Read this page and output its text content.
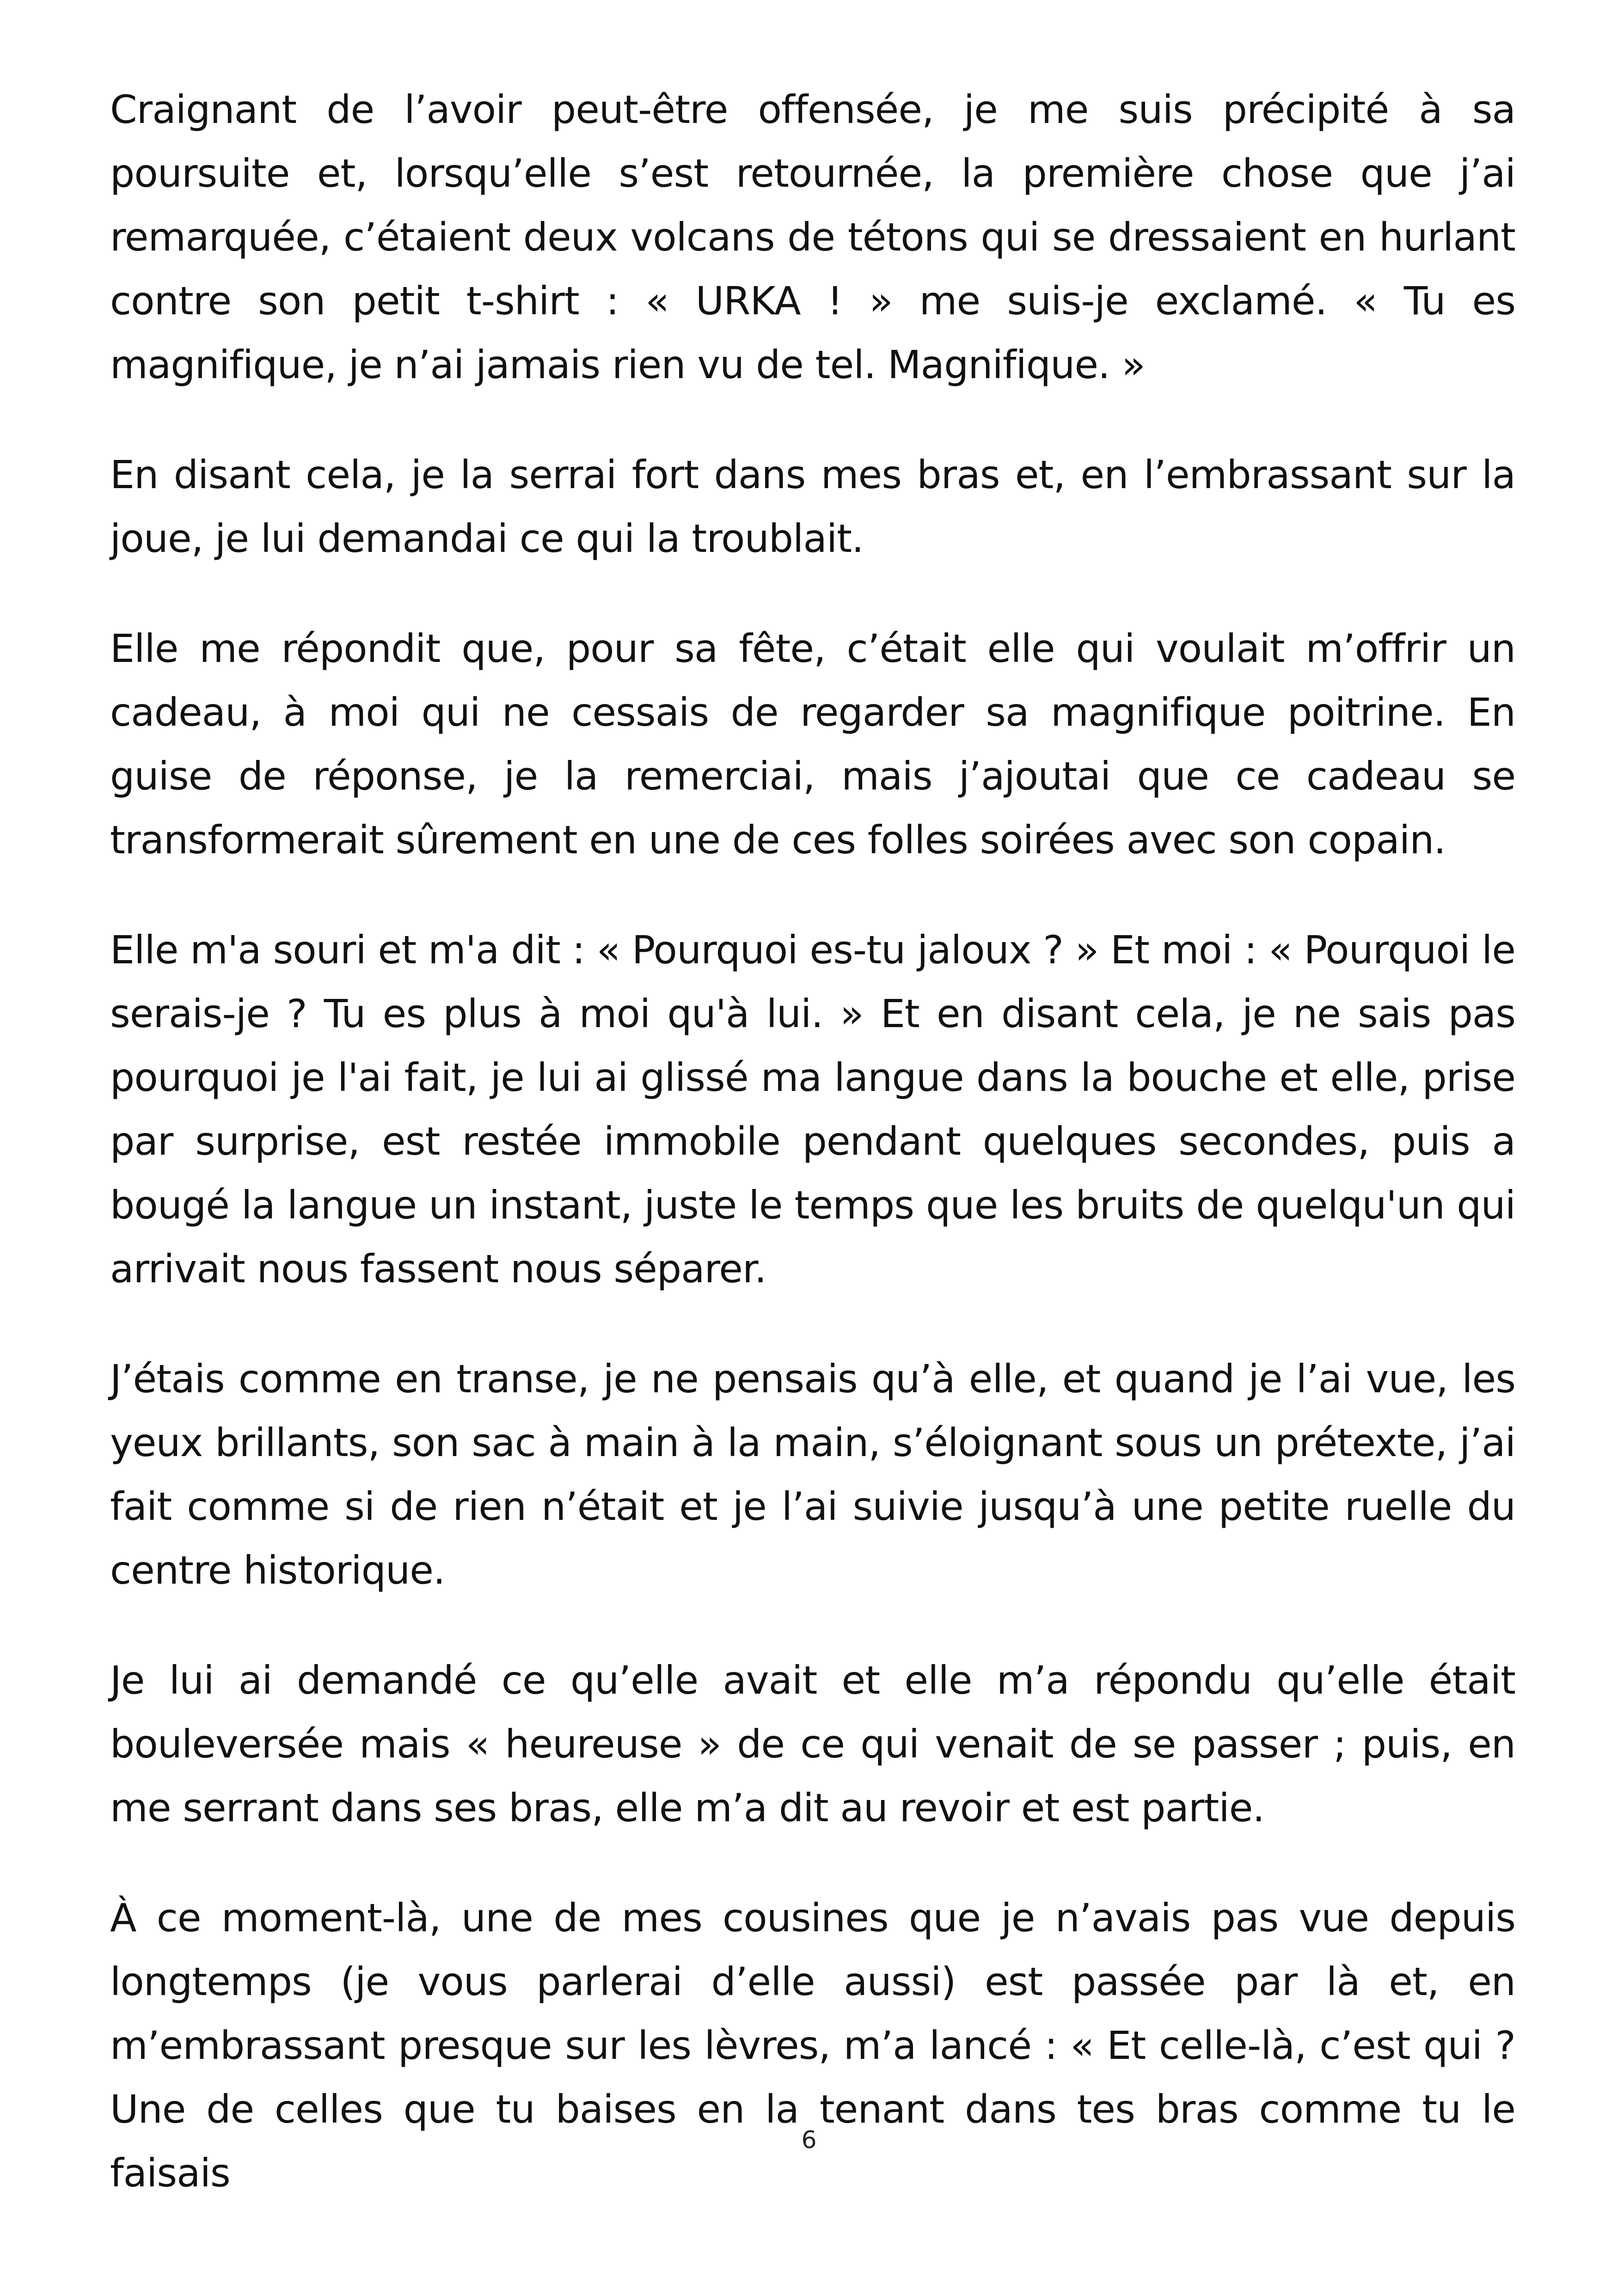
Craignant de l’avoir peut-être offensée, je me suis précipité à sa poursuite et, lorsqu’elle s’est retournée, la première chose que j’ai remarquée, c’étaient deux volcans de tétons qui se dressaient en hurlant contre son petit t-shirt : « URKA ! » me suis-je exclamé. « Tu es magnifique, je n’ai jamais rien vu de tel. Magnifique. »

En disant cela, je la serrai fort dans mes bras et, en l’embrassant sur la joue, je lui demandai ce qui la troublait.

Elle me répondit que, pour sa fête, c’était elle qui voulait m’offrir un cadeau, à moi qui ne cessais de regarder sa magnifique poitrine. En guise de réponse, je la remerciai, mais j’ajoutai que ce cadeau se transformerait sûrement en une de ces folles soirées avec son copain.

Elle m'a souri et m'a dit : « Pourquoi es-tu jaloux ? » Et moi : « Pourquoi le serais-je ? Tu es plus à moi qu'à lui. » Et en disant cela, je ne sais pas pourquoi je l'ai fait, je lui ai glissé ma langue dans la bouche et elle, prise par surprise, est restée immobile pendant quelques secondes, puis a bougé la langue un instant, juste le temps que les bruits de quelqu'un qui arrivait nous fassent nous séparer.

J’étais comme en transe, je ne pensais qu’à elle, et quand je l’ai vue, les yeux brillants, son sac à main à la main, s’éloignant sous un prétexte, j’ai fait comme si de rien n’était et je l’ai suivie jusqu’à une petite ruelle du centre historique.

Je lui ai demandé ce qu’elle avait et elle m’a répondu qu’elle était bouleversée mais « heureuse » de ce qui venait de se passer ; puis, en me serrant dans ses bras, elle m’a dit au revoir et est partie.

À ce moment-là, une de mes cousines que je n’avais pas vue depuis longtemps (je vous parlerai d’elle aussi) est passée par là et, en m’embrassant presque sur les lèvres, m’a lancé : « Et celle-là, c’est qui ? Une de celles que tu baises en la tenant dans tes bras comme tu le faisais

6
